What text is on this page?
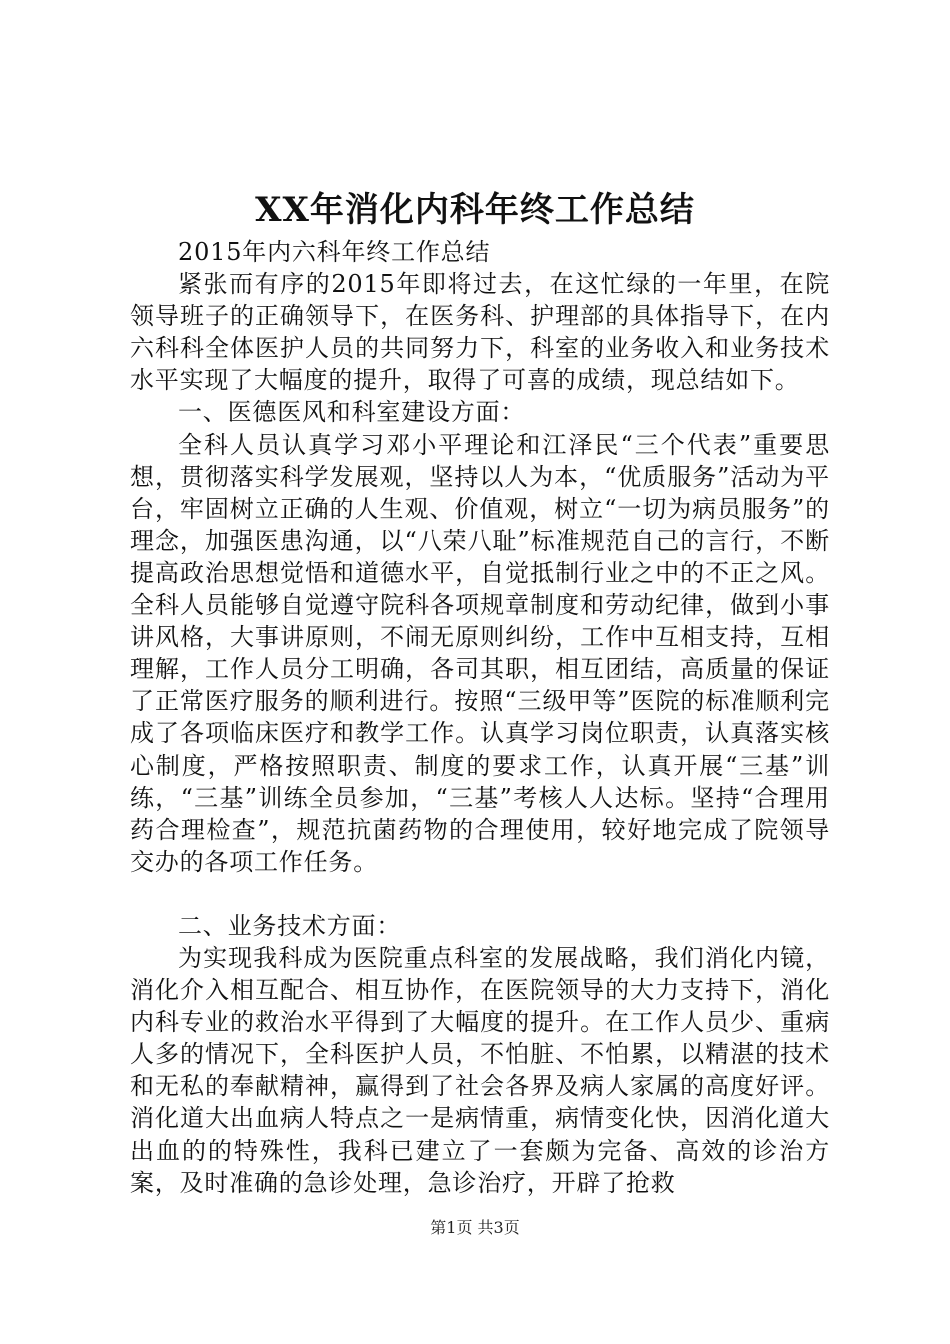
XX年消化内科年终工作总结

2015年内六科年终工作总结

紧张而有序的2015年即将过去，在这忙绿的一年里，在院领导班子的正确领导下，在医务科、护理部的具体指导下，在内六科科全体医护人员的共同努力下，科室的业务收入和业务技术水平实现了大幅度的提升，取得了可喜的成绩，现总结如下。

一、医德医风和科室建设方面：

全科人员认真学习邓小平理论和江泽民“三个代表”重要思想，贯彻落实科学发展观，坚持以人为本，“优质服务”活动为平台，牢固树立正确的人生观、价值观，树立“一切为病员服务”的理念，加强医患沟通，以“八荣八耻”标准规范自己的言行，不断提高政治思想觉悟和道德水平，自觉抵制行业之中的不正之风。全科人员能够自觉遵守院科各项规章制度和劳动纪律，做到小事讲风格，大事讲原则，不闹无原则纠纷，工作中互相支持，互相理解，工作人员分工明确，各司其职，相互团结，高质量的保证了正常医疗服务的顺利进行。按照“三级甲等”医院的标准顺利完成了各项临床医疗和教学工作。认真学习岗位职责，认真落实核心制度，严格按照职责、制度的要求工作，认真开展“三基”训练，“三基”训练全员参加，“三基”考核人人达标。坚持“合理用药合理检查”，规范抗菌药物的合理使用，较好地完成了院领导交办的各项工作任务。

二、业务技术方面：

为实现我科成为医院重点科室的发展战略，我们消化内镜，消化介入相互配合、相互协作，在医院领导的大力支持下，消化内科专业的救治水平得到了大幅度的提升。在工作人员少、重病人多的情况下，全科医护人员，不怕脏、不怕累，以精湛的技术和无私的奉献精神，赢得到了社会各界及病人家属的高度好评。消化道大出血病人特点之一是病情重，病情变化快，因消化道大出血的的特殊性，我科已建立了一套颇为完备、高效的诊治方案，及时准确的急诊处理，急诊治疗，开辟了抢救

第1页 共3页
